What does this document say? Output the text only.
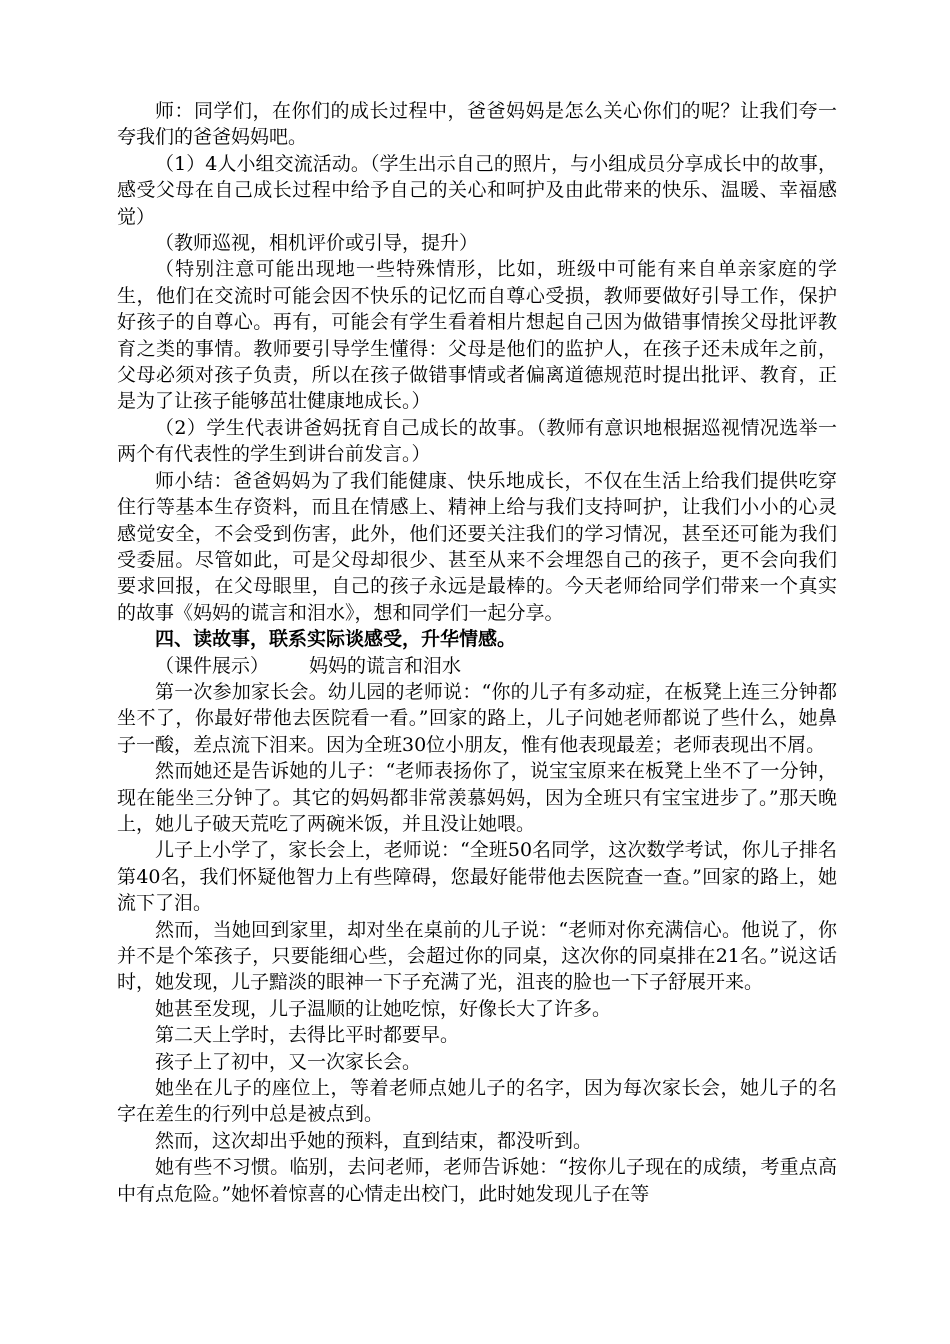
师：同学们，在你们的成长过程中，爸爸妈妈是怎么关心你们的呢？让我们夸一夸我们的爸爸妈妈吧。

（1）4人小组交流活动。（学生出示自己的照片，与小组成员分享成长中的故事，感受父母在自己成长过程中给予自己的关心和呵护及由此带来的快乐、温暖、幸福感觉）

（教师巡视，相机评价或引导，提升）

（特别注意可能出现地一些特殊情形，比如，班级中可能有来自单亲家庭的学生，他们在交流时可能会因不快乐的记忆而自尊心受损，教师要做好引导工作，保护好孩子的自尊心。再有，可能会有学生看着相片想起自己因为做错事情挨父母批评教育之类的事情。教师要引导学生懂得：父母是他们的监护人，在孩子还未成年之前，父母必须对孩子负责，所以在孩子做错事情或者偏离道德规范时提出批评、教育，正是为了让孩子能够茁壮健康地成长。）

（2）学生代表讲爸妈抚育自己成长的故事。（教师有意识地根据巡视情况选举一两个有代表性的学生到讲台前发言。）

师小结：爸爸妈妈为了我们能健康、快乐地成长，不仅在生活上给我们提供吃穿住行等基本生存资料，而且在情感上、精神上给与我们支持呵护，让我们小小的心灵感觉安全，不会受到伤害，此外，他们还要关注我们的学习情况，甚至还可能为我们受委屈。尽管如此，可是父母却很少、甚至从来不会埋怨自己的孩子，更不会向我们要求回报，在父母眼里，自己的孩子永远是最棒的。今天老师给同学们带来一个真实的故事《妈妈的谎言和泪水》，想和同学们一起分享。

四、读故事，联系实际谈感受，升华情感。

（课件展示） 妈妈的谎言和泪水

第一次参加家长会。幼儿园的老师说：“你的儿子有多动症，在板凳上连三分钟都坐不了，你最好带他去医院看一看。”回家的路上，儿子问她老师都说了些什么，她鼻子一酸，差点流下泪来。因为全班30位小朋友，惟有他表现最差；老师表现出不屑。

然而她还是告诉她的儿子：“老师表扬你了，说宝宝原来在板凳上坐不了一分钟，现在能坐三分钟了。其它的妈妈都非常羡慕妈妈，因为全班只有宝宝进步了。”那天晚上，她儿子破天荒吃了两碗米饭，并且没让她喂。

儿子上小学了，家长会上，老师说：“全班50名同学，这次数学考试，你儿子排名第40名，我们怀疑他智力上有些障碍，您最好能带他去医院查一查。”回家的路上，她流下了泪。

然而，当她回到家里，却对坐在桌前的儿子说：“老师对你充满信心。他说了，你并不是个笨孩子，只要能细心些，会超过你的同桌，这次你的同桌排在21名。”说这话时，她发现，儿子黯淡的眼神一下子充满了光，沮丧的脸也一下子舒展开来。

她甚至发现，儿子温顺的让她吃惊，好像长大了许多。

第二天上学时，去得比平时都要早。

孩子上了初中，又一次家长会。

她坐在儿子的座位上，等着老师点她儿子的名字，因为每次家长会，她儿子的名字在差生的行列中总是被点到。

然而，这次却出乎她的预料，直到结束，都没听到。

她有些不习惯。临别，去问老师，老师告诉她：“按你儿子现在的成绩，考重点高中有点危险。”她怀着惊喜的心情走出校门，此时她发现儿子在等
